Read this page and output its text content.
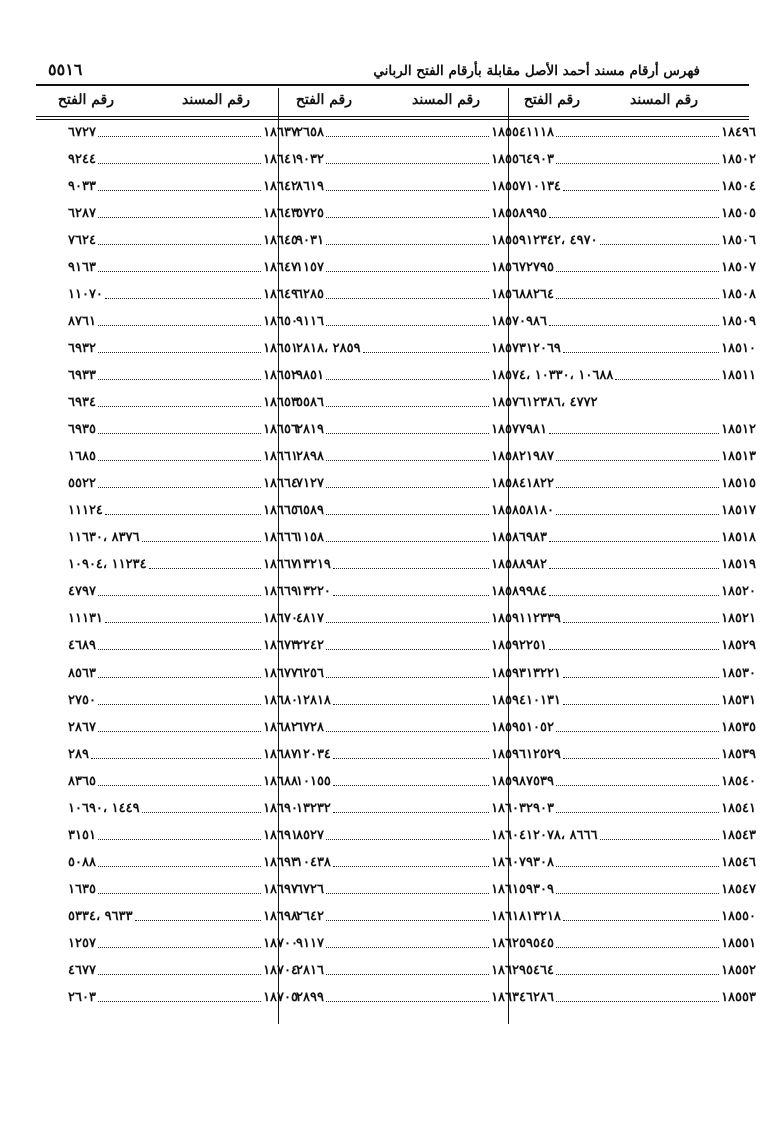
فهرس أرقام مسند أحمد الأصل مقابلة بأرقام الفتح الرباني
٥٥١٦
رقم المسند
رقم الفتح
رقم المسند
رقم الفتح
رقم المسند
رقم الفتح
١٨٤٩٦
١١١٨
١٨٥٠٢
٤٩٠٣
١٨٥٠٤
١٠١٣٤
١٨٥٠٥
٩٩٥
١٨٥٠٦
٤٩٧٠ ،١٢٣٤٢
١٨٥٠٧
٢٧٩٥
١٨٥٠٨
٨٢٦٤
١٨٥٠٩
٩٨٦
١٨٥١٠
١٢٠٦٩
١٨٥١١
١٠٦٨٨ ،١٠٣٣٠ ،
٤٧٧٢ ،١٢٣٨٦
١٨٥١٢
٩٨١
١٨٥١٣
١٩٨٧
١٨٥١٥
١٨٢٢
١٨٥١٧
٨١٨٠
١٨٥١٨
٩٨٣
١٨٥١٩
٩٨٢
١٨٥٢٠
٩٨٤
١٨٥٢١
١٢٣٣٩
١٨٥٢٩
٢٥١
١٨٥٣٠
١٣٢٢١
١٨٥٣١
١٠١٣١
١٨٥٣٥
١٠٥٢
١٨٥٣٩
١٢٥٢٩
١٨٥٤٠
٧٥٣٩
١٨٥٤١
٢٩٠٣
١٨٥٤٣
٨٦٦٦ ،١٢٠٧٨
١٨٥٤٦
٩٣٠٨
١٨٥٤٧
٩٣٠٩
١٨٥٥٠
١٣٢١٨
١٨٥٥١
٩٥٤٥
١٨٥٥٢
٥٤٦٤
١٨٥٥٣
٦٢٨٦
١٨٥٥٤
٢٦٥٨
١٨٥٥٦
٩٠٣٢
١٨٥٥٧
٨٦١٩
١٨٥٥٨
٥٧٢٥
١٨٥٥٩
٩٠٣١
١٨٥٦٧
١١٥٧
١٨٥٦٨
٦٢٨٥
١٨٥٧٠
٩١١٦
١٨٥٧٣
٢٨٥٩ ،٢٨١٨
١٨٥٧٤
٩٨٥١
١٨٥٧٦
٥٥٨٦
١٨٥٧٧
٢٨١٩
١٨٥٨٢
٢٨٩٨
١٨٥٨٤
٧١٢٧
١٨٥٨٥
٦٥٨٩
١٨٥٨٦
١١٥٨
١٨٥٨٨
١٣٢١٩
١٨٥٨٩
١٣٢٢٠
١٨٥٩١
٤٨١٧
١٨٥٩٢
٢٢٤٢
١٨٥٩٣
٦٢٥٦
١٨٥٩٤
١٢٨١٨
١٨٥٩٥
٦٧٢٨
١٨٥٩٦
١٢٠٣٤
١٨٥٩٨
١٠١٥٥
١٨٦٠٣
١٣٢٣٢
١٨٦٠٤
٨٥٢٧
١٨٦٠٧
١٠٤٣٨
١٨٦١٥
٦٧٢٦
١٨٦١٨
٢٦٤٢
١٨٦٢٥
٩١١٧
١٨٦٢٩
٢٨١٦
١٨٦٣٤
٢٨٩٩
١٨٦٣٧
٦٧٢٧
١٨٦٤١
٩٢٤٤
١٨٦٤٢
٩٠٣٣
١٨٦٤٣
٦٢٨٧
١٨٦٤٥
٧٦٢٤
١٨٦٤٧
٩١٦٣
١٨٦٤٩
١١٠٧٠
١٨٦٥٠
٨٧٦١
١٨٦٥١
٦٩٣٢
١٨٦٥٢
٦٩٣٣
١٨٦٥٣
٦٩٣٤
١٨٦٥٦
٦٩٣٥
١٨٦٦١
١٦٨٥
١٨٦٦٤
٥٥٢٢
١٨٦٦٥
١١١٢٤
١٨٦٦٦
٨٣٧٦ ،١١٦٣٠
١٨٦٦٧
١١٢٣٤ ،١٠٩٠٤
١٨٦٦٩
٤٧٩٧
١٨٦٧٠
١١١٣١
١٨٦٧٣
٤٦٨٩
١٨٦٧٧
٨٥٦٣
١٨٦٨٠
٢٧٥٠
١٨٦٨٢
٢٨٦٧
١٨٦٨٧
٢٨٩
١٨٦٨٨
٨٣٦٥
١٨٦٩٠
١٤٤٩ ،١٠٦٩٠
١٨٦٩١
٣١٥١
١٨٦٩٣
٥٠٨٨
١٨٦٩٧
١٦٣٥
١٨٦٩٨
٩٦٣٣ ،٥٣٣٤
١٨٧٠٠
١٢٥٧
١٨٧٠٤
٤٦٧٧
١٨٧٠٥
٢٦٠٣
